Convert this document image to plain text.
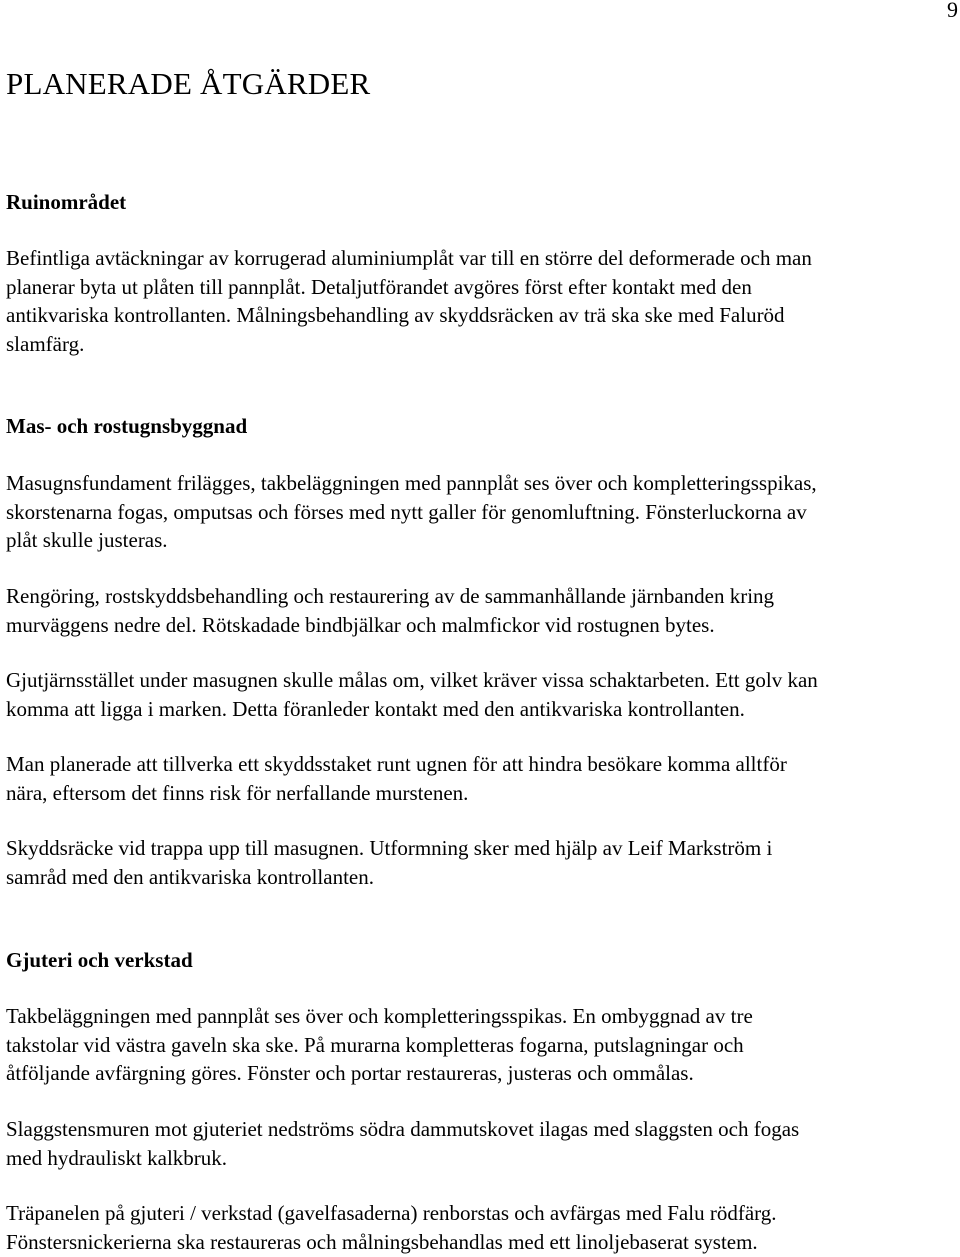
9
PLANERADE ÅTGÄRDER
Ruinområdet

Befintliga avtäckningar av korrugerad aluminiumplåt var till en större del deformerade och man
planerar byta ut plåten till pannplåt. Detaljutförandet avgöres först efter kontakt med den
antikvariska kontrollanten. Målningsbehandling av skyddsräcken av trä ska ske med Faluröd
slamfärg.

Mas- och rostugnsbyggnad

Masugnsfundament frilägges, takbeläggningen med pannplåt ses över och kompletteringsspikas,
skorstenarna fogas, omputsas och förses med nytt galler för genomluftning. Fönsterluckorna av
plåt skulle justeras.

Rengöring, rostskyddsbehandling och restaurering av de sammanhållande järnbanden kring
murväggens nedre del. Rötskadade bindbjälkar och malmfickor vid rostugnen bytes.

Gjutjärnsstället under masugnen skulle målas om, vilket kräver vissa schaktarbeten. Ett golv kan
komma att ligga i marken. Detta föranleder kontakt med den antikvariska kontrollanten.

Man planerade att tillverka ett skyddsstaket runt ugnen för att hindra besökare komma alltför
nära, eftersom det finns risk för nerfallande murstenen.

Skyddsräcke vid trappa upp till masugnen. Utformning sker med hjälp av Leif Markström i
samråd med den antikvariska kontrollanten.

Gjuteri och verkstad

Takbeläggningen med pannplåt ses över och kompletteringsspikas. En ombyggnad av tre
takstolar vid västra gaveln ska ske. På murarna kompletteras fogarna, putslagningar och
åtföljande avfärgning göres. Fönster och portar restaureras, justeras och ommålas.

Slaggstensmuren mot gjuteriet nedströms södra dammutskovet ilagas med slaggsten och fogas
med hydrauliskt kalkbruk.

Träpanelen på gjuteri / verkstad (gavelfasaderna) renborstas och avfärgas med Falu rödfärg.
Fönstersnickerierna ska restaureras och målningsbehandlas med ett linoljebaserat system.
